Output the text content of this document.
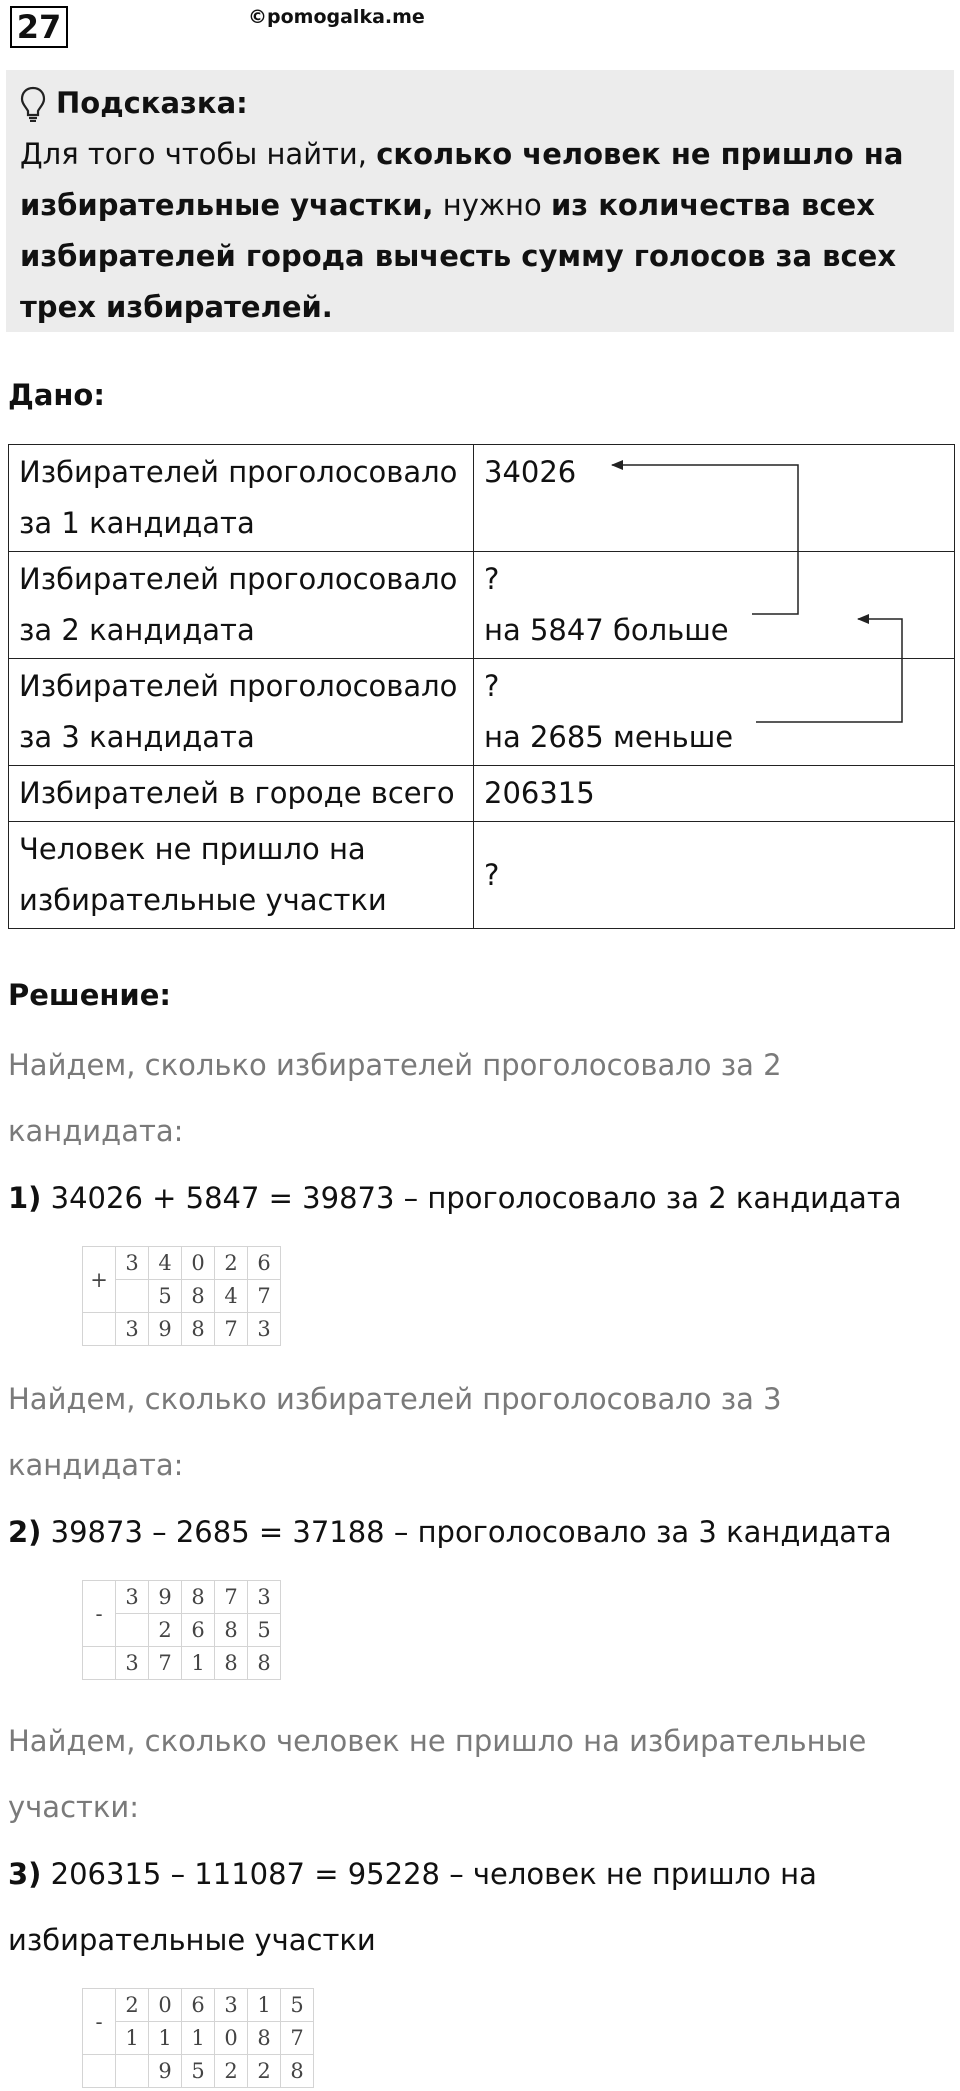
27	©pomogalka.me
Подсказка:

Для того чтобы найти, сколько человек не пришло на избирательные участки, нужно из количества всех избирателей города вычесть сумму голосов за всех трех избирателей.

Дано:
Избирателей проголосовало
за 1 кандидата	34026

Избирателей проголосовало
за 2 кандидата	?
на 5847 больше
Избирателей проголосовало
за 3 кандидата	?
на 2685 меньше
Избирателей в городе всего	206315
Человек не пришло на
избирательные участки	?
Решение:
Найдем, сколько избирателей проголосовало за 2 кандидата:
1) 34026 + 5847 = 39873 – проголосовало за 2 кандидата
+	3	4	0	2	6
		5	8	4	7
	3	9	8	7	3
Найдем, сколько избирателей проголосовало за 3 кандидата:
2) 39873 – 2685 = 37188 – проголосовало за 3 кандидата
-	3	9	8	7	3
		2	6	8	5
	3	7	1	8	8
Найдем, сколько человек не пришло на избирательные участки:
3) 206315 – 111087 = 95228 – человек не пришло на избирательные участки
-	2	0	6	3	1	5
	1	1	1	0	8	7
		9	5	2	2	8
